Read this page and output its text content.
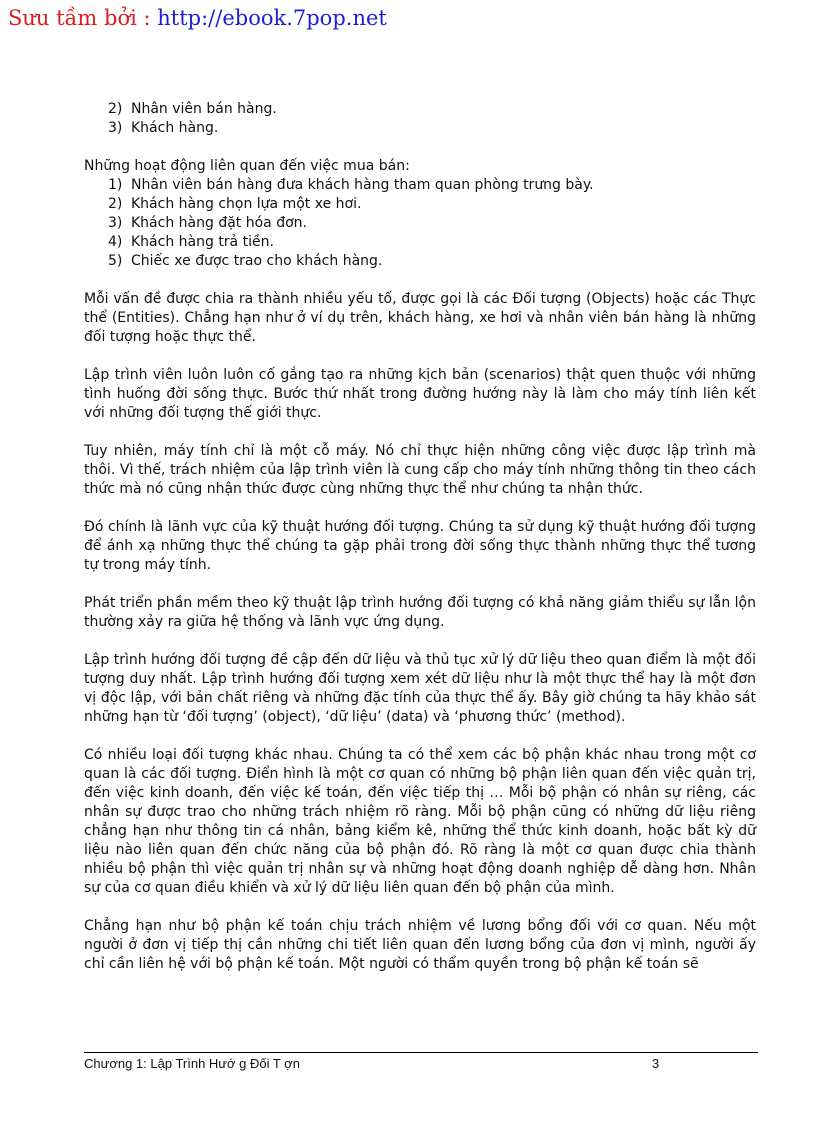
Sưu tầm bởi : http://ebook.7pop.net
2) Nhân viên bán hàng.
3) Khách hàng.

Những hoạt động liên quan đến việc mua bán:

1) Nhân viên bán hàng đưa khách hàng tham quan phòng trưng bày.
2) Khách hàng chọn lựa một xe hơi.
3) Khách hàng đặt hóa đơn.
4) Khách hàng trả tiền.
5) Chiếc xe được trao cho khách hàng.

Mỗi vấn đề được chia ra thành nhiều yếu tố, được gọi là các Đối tượng (Objects) hoặc các Thực thể (Entities). Chẳng hạn như ở ví dụ trên, khách hàng, xe hơi và nhân viên bán hàng là những đối tượng hoặc thực thể.

Lập trình viên luôn luôn cố gắng tạo ra những kịch bản (scenarios) thật quen thuộc với những tình huống đời sống thực. Bước thứ nhất trong đường hướng này là làm cho máy tính liên kết với những đối tượng thế giới thực.

Tuy nhiên, máy tính chỉ là một cỗ máy. Nó chỉ thực hiện những công việc được lập trình mà thôi. Vì thế, trách nhiệm của lập trình viên là cung cấp cho máy tính những thông tin theo cách thức mà nó cũng nhận thức được cùng những thực thể như chúng ta nhận thức.

Đó chính là lãnh vực của kỹ thuật hướng đối tượng. Chúng ta sử dụng kỹ thuật hướng đối tượng để ánh xạ những thực thể chúng ta gặp phải trong đời sống thực thành những thực thể tương tự trong máy tính.

Phát triển phần mềm theo kỹ thuật lập trình hướng đối tượng có khả năng giảm thiểu sự lẫn lộn thường xảy ra giữa hệ thống và lãnh vực ứng dụng.

Lập trình hướng đối tượng đề cập đến dữ liệu và thủ tục xử lý dữ liệu theo quan điểm là một đối tượng duy nhất. Lập trình hướng đối tượng xem xét dữ liệu như là một thực thể hay là một đơn vị độc lập, với bản chất riêng và những đặc tính của thực thể ấy. Bây giờ chúng ta hãy khảo sát những hạn từ ‘đối tượng’ (object), ‘dữ liệu’ (data) và ‘phương thức’ (method).

Có nhiều loại đối tượng khác nhau. Chúng ta có thể xem các bộ phận khác nhau trong một cơ quan là các đối tượng. Điển hình là một cơ quan có những bộ phận liên quan đến việc quản trị, đến việc kinh doanh, đến việc kế toán, đến việc tiếp thị … Mỗi bộ phận có nhân sự riêng, các nhân sự được trao cho những trách nhiệm rõ ràng. Mỗi bộ phận cũng có những dữ liệu riêng chẳng hạn như thông tin cá nhân, bảng kiểm kê, những thể thức kinh doanh, hoặc bất kỳ dữ liệu nào liên quan đến chức năng của bộ phận đó. Rõ ràng là một cơ quan được chia thành nhiều bộ phận thì việc quản trị nhân sự và những hoạt động doanh nghiệp dễ dàng hơn. Nhân sự của cơ quan điều khiển và xử lý dữ liệu liên quan đến bộ phận của mình.

Chẳng hạn như bộ phận kế toán chịu trách nhiệm về lương bổng đối với cơ quan. Nếu một người ở đơn vị tiếp thị cần những chi tiết liên quan đến lương bổng của đơn vị mình, người ấy chỉ cần liên hệ với bộ phận kế toán. Một người có thẩm quyền trong bộ phận kế toán sẽ

Chương 1: Lập Trình Hướ g Đối T ợn	3
